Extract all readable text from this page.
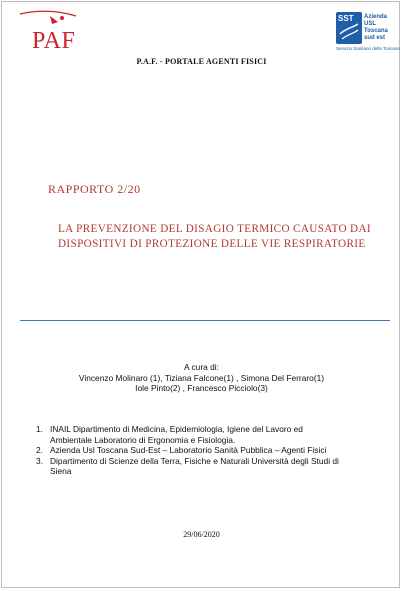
PAF
SST Azienda
USL
Toscana
sud est
Servizio Sanitario della Toscana
P.A.F. - PORTALE AGENTI FISICI
RAPPORTO 2/20
LA PREVENZIONE DEL DISAGIO TERMICO CAUSATO DAI
DISPOSITIVI DI PROTEZIONE DELLE VIE RESPIRATORIE
A cura di:
Vincenzo Molinaro (1), Tiziana Falcone(1) , Simona Del Ferraro(1)
Iole Pinto(2) , Francesco Picciolo(3)
1. INAIL Dipartimento di Medicina, Epidemiologia, Igiene del Lavoro ed
Ambientale Laboratorio di Ergonomia e Fisiologia.
2. Azienda Usl Toscana Sud-Est – Laboratorio Sanità Pubblica – Agenti Fisici
3. Dipartimento di Scienze della Terra, Fisiche e Naturali Università degli Studi di
Siena
29/06/2020
